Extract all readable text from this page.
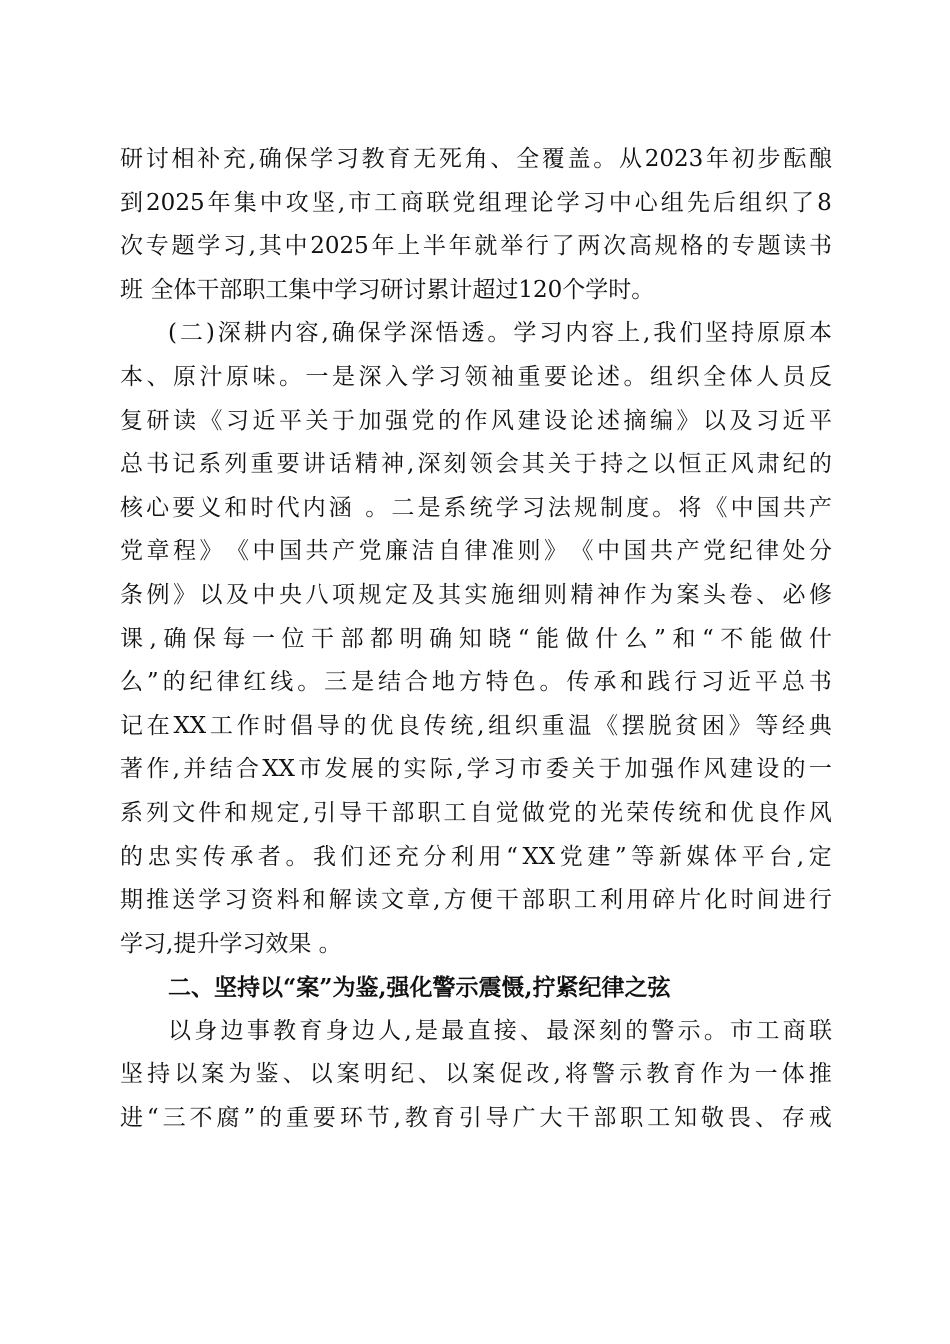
研 讨 相 补 充 , 确 保 学 习 教 育 无 死 角 、 全 覆 盖 。 从 2023 年 初 步 酝 酿
到 2025 年 集 中 攻 坚 , 市 工 商 联 党 组 理 论 学 习 中 心 组 先 后 组 织 了 8
次 专 题 学 习 , 其 中 2025 年 上 半 年 就 举 行 了 两 次 高 规 格 的 专 题 读 书
班
全 体 干 部 职 工 集 中 学 习 研 讨 累 计 超 过 120 个 学 时 。
( 二 ) 深 耕 内 容 , 确 保 学 深 悟 透 。 学 习 内 容 上 , 我 们 坚 持 原 原 本
本 、 原 汁 原 味 。 一 是 深 入 学 习 领 袖 重 要 论 述 。 组 织 全 体 人 员 反
复 研 读 《 习 近 平 关 于 加 强 党 的 作 风 建 设 论 述 摘 编 》 以 及 习 近 平
总 书 记 系 列 重 要 讲 话 精 神 , 深 刻 领 会 其 关 于 持 之 以 恒 正 风 肃 纪 的
核 心 要 义 和 时 代 内 涵
。 二 是 系 统 学 习 法 规 制 度 。 将 《 中 国 共 产
党 章 程 》 《 中 国 共 产 党 廉 洁 自 律 准 则 》 《 中 国 共 产 党 纪 律 处 分
条 例 》 以 及 中 央 八 项 规 定 及 其 实 施 细 则 精 神 作 为 案 头 卷 、 必 修
课 , 确 保 每 一 位 干 部 都 明 确 知 晓 “ 能 做 什 么 ” 和 “ 不 能 做 什
么 ” 的 纪 律 红 线 。 三 是 结 合 地 方 特 色 。 传 承 和 践 行 习 近 平 总 书
记 在 XX 工 作 时 倡 导 的 优 良 传 统 , 组 织 重 温 《 摆 脱 贫 困 》 等 经 典
著 作 , 并 结 合 XX 市 发 展 的 实 际 , 学 习 市 委 关 于 加 强 作 风 建 设 的 一
系 列 文 件 和 规 定 , 引 导 干 部 职 工 自 觉 做 党 的 光 荣 传 统 和 优 良 作 风
的 忠 实 传 承 者 。 我 们 还 充 分 利 用 “ XX 党 建 ” 等 新 媒 体 平 台 , 定
期 推 送 学 习 资 料 和 解 读 文 章 , 方 便 干 部 职 工 利 用 碎 片 化 时 间 进 行
学 习 , 提 升 学 习 效 果
。
二 、 坚 持 以 “ 案 ” 为 鉴 , 强 化 警 示 震 慑 , 拧 紧 纪 律 之 弦
以 身 边 事 教 育 身 边 人 , 是 最 直 接 、 最 深 刻 的 警 示 。 市 工 商 联
坚 持 以 案 为 鉴 、 以 案 明 纪 、 以 案 促 改 , 将 警 示 教 育 作 为 一 体 推
进 “ 三 不 腐 ” 的 重 要 环 节 , 教 育 引 导 广 大 干 部 职 工 知 敬 畏 、 存 戒
